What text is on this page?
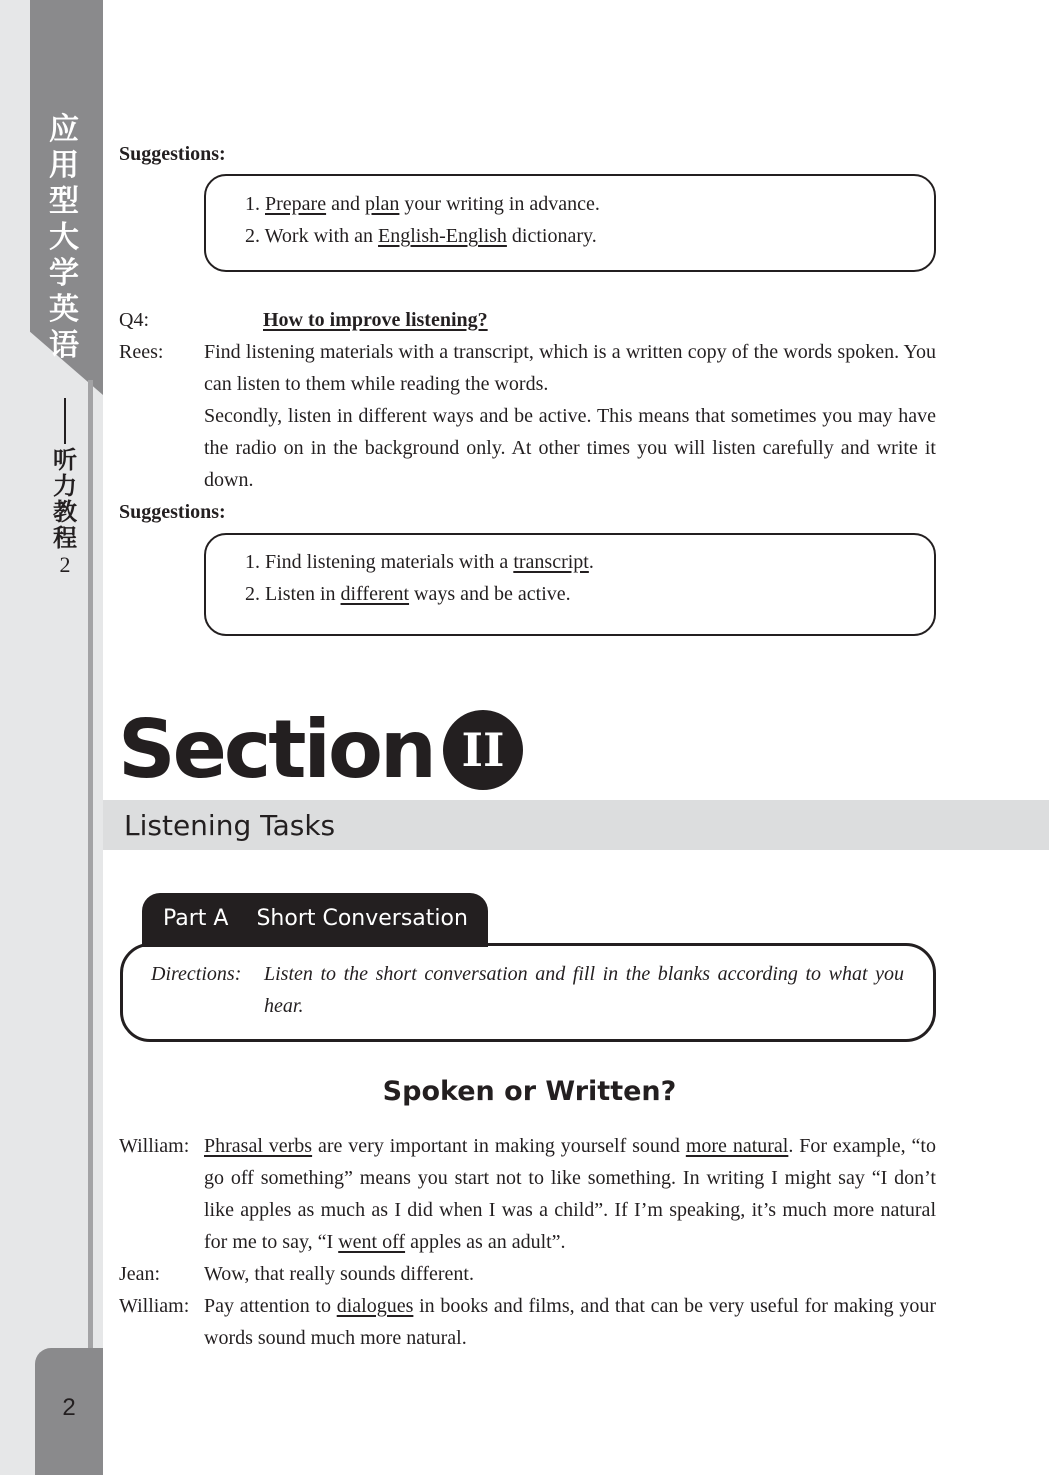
应
用
型
大
学
英
语
听
力
教
程
2
2
Suggestions:
1. Prepare and plan your writing in advance.
2. Work with an English-English dictionary.
Q4:	How to improve listening?
Rees: Find listening materials with a transcript, which is a written copy of the words spoken. You can listen to them while reading the words.
Secondly, listen in different ways and be active. This means that sometimes you may have the radio on in the background only. At other times you will listen carefully and write it down.
Suggestions:
1. Find listening materials with a transcript.
2. Listen in different ways and be active.
Section II
Listening Tasks
Part A    Short Conversation
Directions: Listen to the short conversation and fill in the blanks according to what you hear.
Spoken or Written?
William: Phrasal verbs are very important in making yourself sound more natural. For example, “to go off something” means you start not to like something. In writing I might say “I don’t like apples as much as I did when I was a child”. If I’m speaking, it’s much more natural for me to say, “I went off apples as an adult”.
Jean: Wow, that really sounds different.
William: Pay attention to dialogues in books and films, and that can be very useful for making your words sound much more natural.
